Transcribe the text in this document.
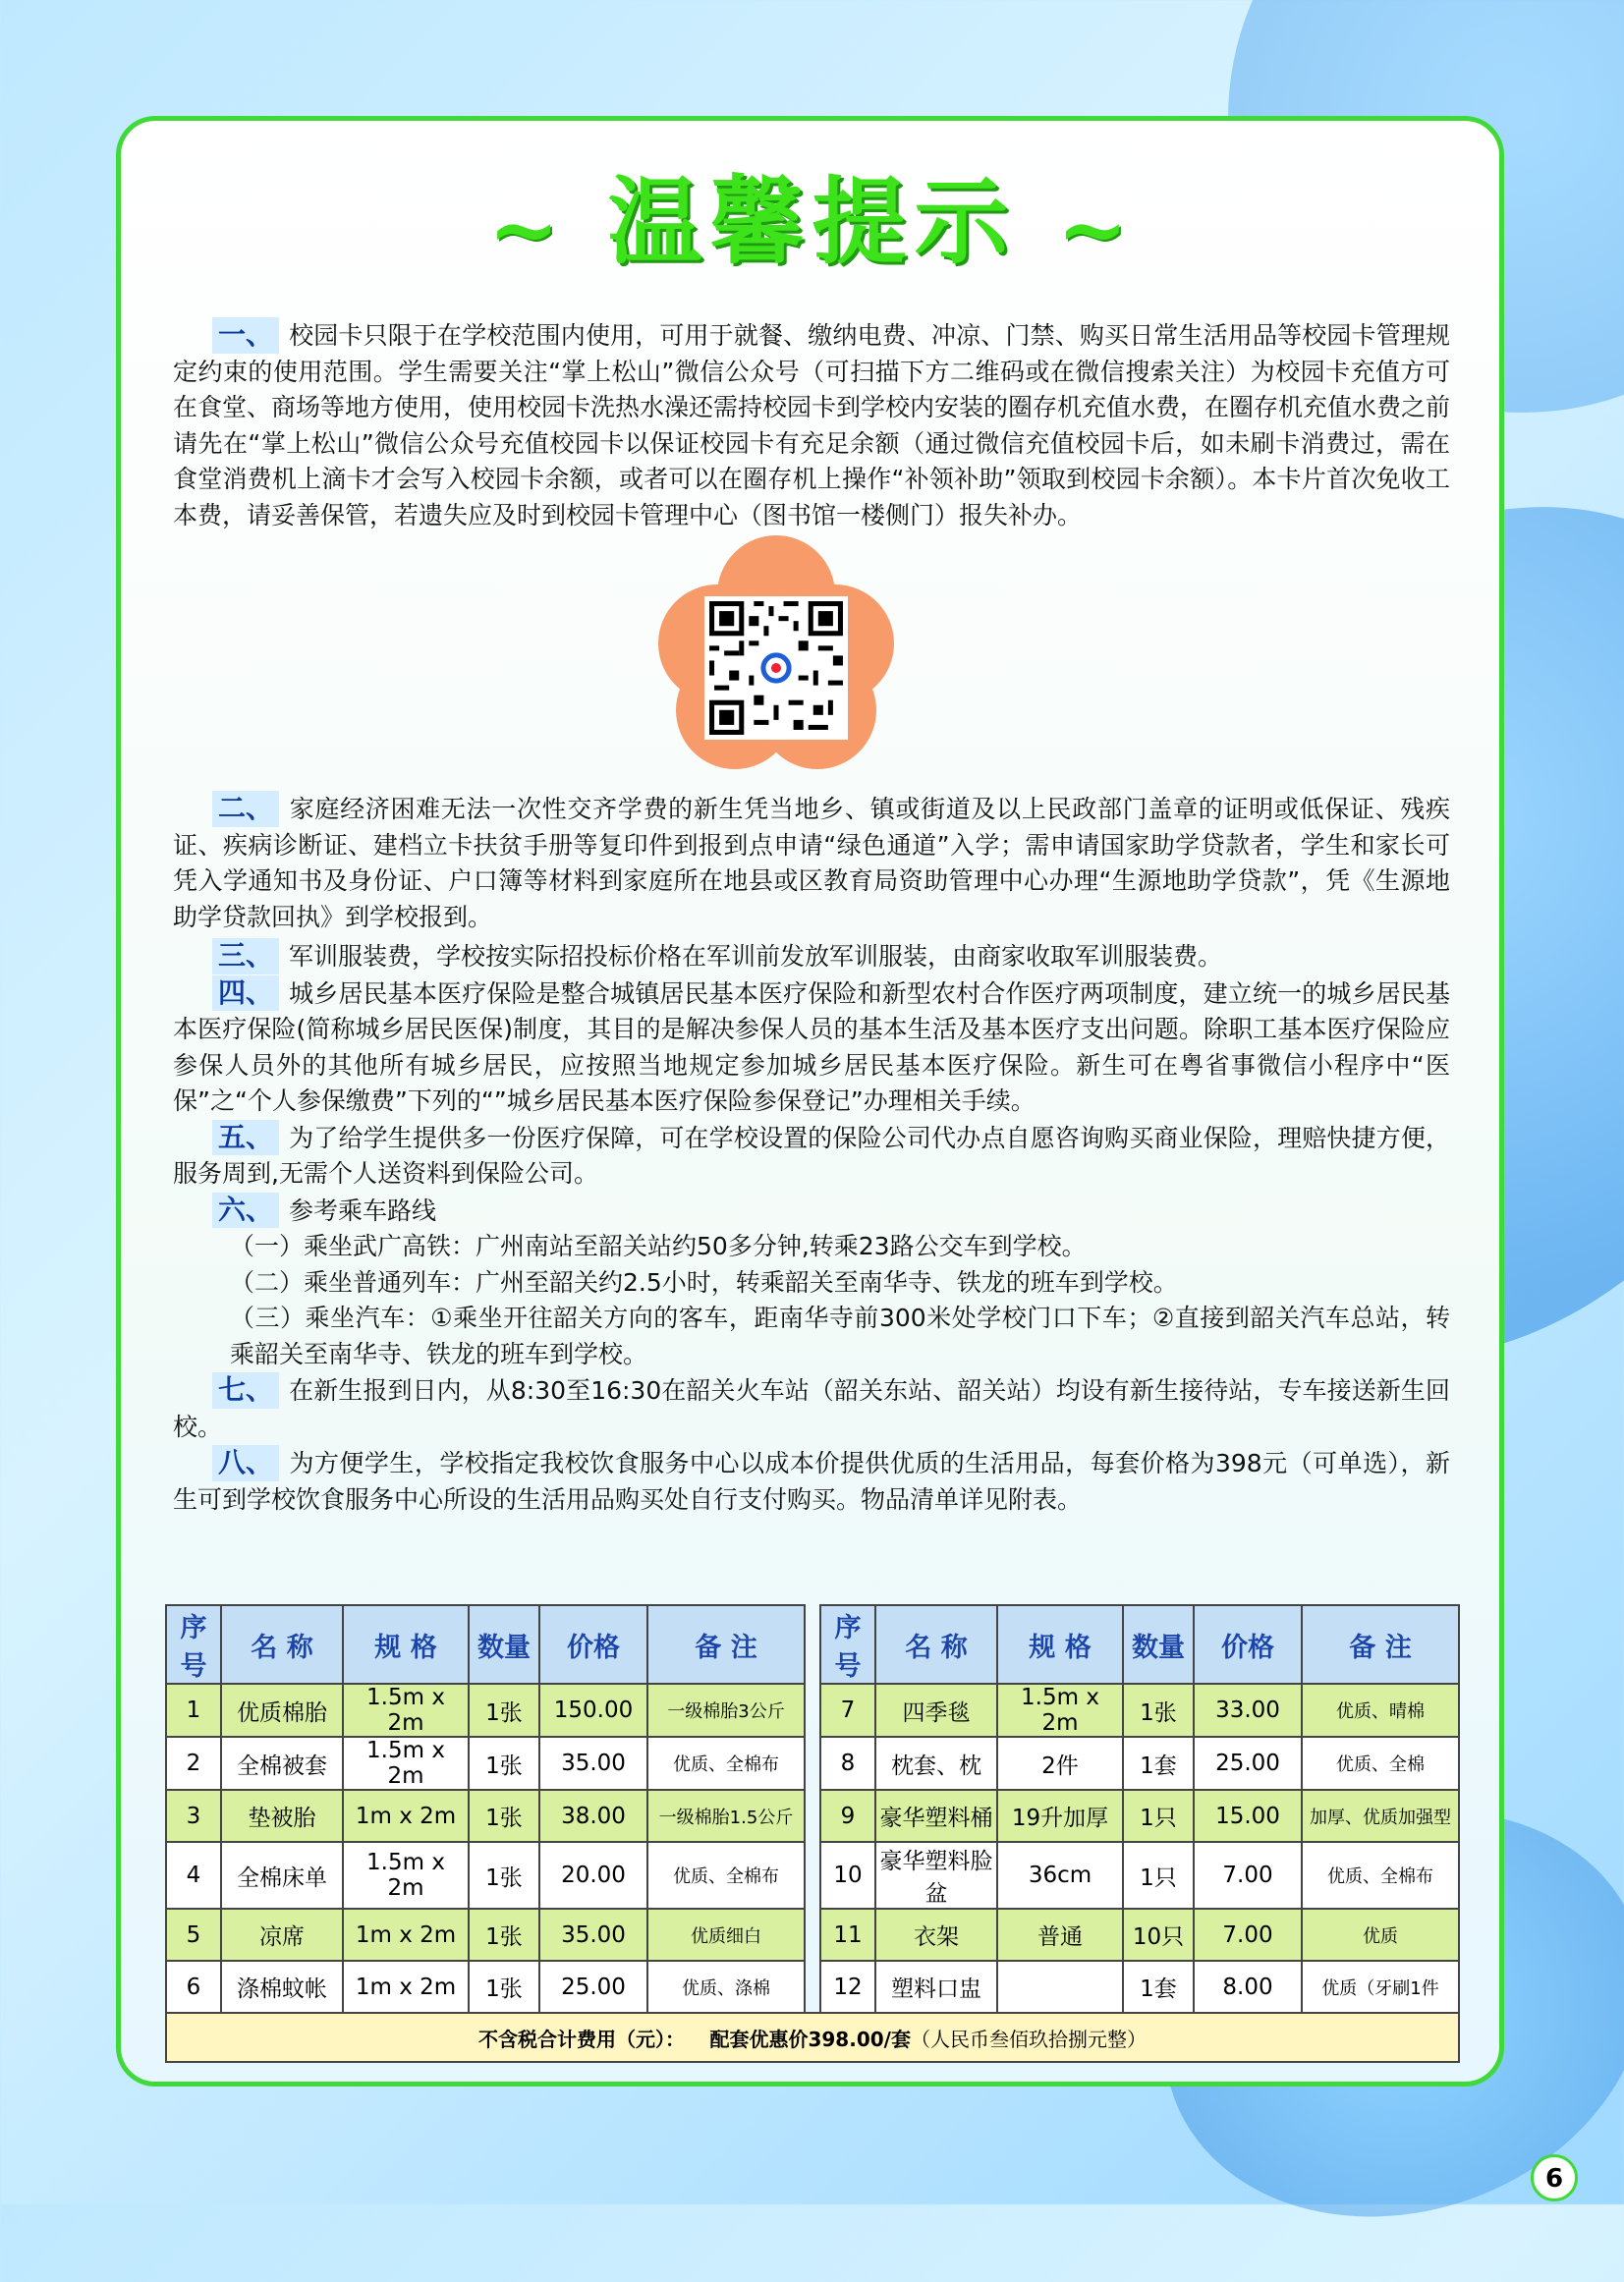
~ 温馨提示 ~
一、 校园卡只限于在学校范围内使用，可用于就餐、缴纳电费、冲凉、门禁、购买日常生活用品等校园卡管理规定约束的使用范围。学生需要关注“掌上松山”微信公众号（可扫描下方二维码或在微信搜索关注）为校园卡充值方可在食堂、商场等地方使用，使用校园卡洗热水澡还需持校园卡到学校内安装的圈存机充值水费，在圈存机充值水费之前请先在“掌上松山”微信公众号充值校园卡以保证校园卡有充足余额（通过微信充值校园卡后，如未刷卡消费过，需在食堂消费机上滴卡才会写入校园卡余额，或者可以在圈存机上操作“补领补助”领取到校园卡余额）。本卡片首次免收工本费，请妥善保管，若遗失应及时到校园卡管理中心（图书馆一楼侧门）报失补办。
二、 家庭经济困难无法一次性交齐学费的新生凭当地乡、镇或街道及以上民政部门盖章的证明或低保证、残疾证、疾病诊断证、建档立卡扶贫手册等复印件到报到点申请“绿色通道”入学；需申请国家助学贷款者，学生和家长可凭入学通知书及身份证、户口簿等材料到家庭所在地县或区教育局资助管理中心办理“生源地助学贷款”，凭《生源地助学贷款回执》到学校报到。
三、 军训服装费，学校按实际招投标价格在军训前发放军训服装，由商家收取军训服装费。
四、 城乡居民基本医疗保险是整合城镇居民基本医疗保险和新型农村合作医疗两项制度，建立统一的城乡居民基本医疗保险(简称城乡居民医保)制度，其目的是解决参保人员的基本生活及基本医疗支出问题。除职工基本医疗保险应参保人员外的其他所有城乡居民，应按照当地规定参加城乡居民基本医疗保险。新生可在粤省事微信小程序中“医保”之“个人参保缴费”下列的“”城乡居民基本医疗保险参保登记”办理相关手续。
五、 为了给学生提供多一份医疗保障，可在学校设置的保险公司代办点自愿咨询购买商业保险，理赔快捷方便，服务周到,无需个人送资料到保险公司。
六、 参考乘车路线
（一）乘坐武广高铁：广州南站至韶关站约50多分钟,转乘23路公交车到学校。
（二）乘坐普通列车：广州至韶关约2.5小时，转乘韶关至南华寺、铁龙的班车到学校。
（三）乘坐汽车：①乘坐开往韶关方向的客车，距南华寺前300米处学校门口下车；②直接到韶关汽车总站，转乘韶关至南华寺、铁龙的班车到学校。
七、 在新生报到日内，从8:30至16:30在韶关火车站（韶关东站、韶关站）均设有新生接待站，专车接送新生回校。
八、 为方便学生，学校指定我校饮食服务中心以成本价提供优质的生活用品，每套价格为398元（可单选），新生可到学校饮食服务中心所设的生活用品购买处自行支付购买。物品清单详见附表。
序号	名 称	规 格	数量	价格	备 注		序号	名 称	规 格	数量	价格	备 注
1	优质棉胎	1.5m x 2m	1张	150.00	一级棉胎3公斤		7	四季毯	1.5m x 2m	1张	33.00	优质、晴棉
2	全棉被套	1.5m x 2m	1张	35.00	优质、全棉布		8	枕套、枕	2件	1套	25.00	优质、全棉
3	垫被胎	1m x 2m	1张	38.00	一级棉胎1.5公斤		9	豪华塑料桶	19升加厚	1只	15.00	加厚、优质加强型
4	全棉床单	1.5m x 2m	1张	20.00	优质、全棉布		10	豪华塑料脸盆	36cm	1只	7.00	优质、全棉布
5	凉席	1m x 2m	1张	35.00	优质细白		11	衣架	普通	10只	7.00	优质
6	涤棉蚊帐	1m x 2m	1张	25.00	优质、涤棉		12	塑料口盅		1套	8.00	优质（牙刷1件
不含税合计费用（元）： 配套优惠价398.00/套（人民币叁佰玖拾捌元整）												
6
